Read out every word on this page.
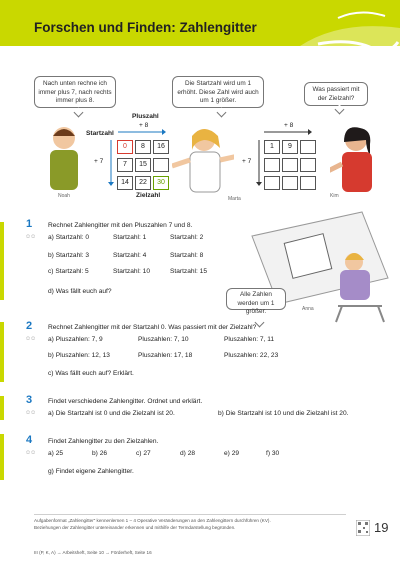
Forschen und Finden: Zahlengitter
Nach unten rechne ich immer plus 7, nach rechts immer plus 8.
Die Startzahl wird um 1 erhöht. Diese Zahl wird auch um 1 größer.
Was passiert mit der Zielzahl?
Noah	Marta	Kim
Pluszahl
+ 8
Startzahl
+ 7
0	8	16
7	15
14	22	30
Zielzahl
+ 8
+ 7
1	9
1
☺☺
Rechnet Zahlengitter mit den Pluszahlen 7 und 8.
a) Startzahl: 0	Startzahl: 1	Startzahl: 2
b) Startzahl: 3	Startzahl: 4	Startzahl: 8
c) Startzahl: 5	Startzahl: 10	Startzahl: 15
d) Was fällt euch auf?	Alle Zahlen werden um 1 größer.	Anna
2
☺☺
Rechnet Zahlengitter mit der Startzahl 0. Was passiert mit der Zielzahl?
a) Pluszahlen: 7, 9	Pluszahlen: 7, 10	Pluszahlen: 7, 11
b) Pluszahlen: 12, 13	Pluszahlen: 17, 18	Pluszahlen: 22, 23
c) Was fällt euch auf? Erklärt.
3
☺☺
Findet verschiedene Zahlengitter. Ordnet und erklärt.
a) Die Startzahl ist 0 und die Zielzahl ist 20.	b) Die Startzahl ist 10 und die Zielzahl ist 20.
4
☺☺
Findet Zahlengitter zu den Zielzahlen.
a) 25	b) 26	c) 27	d) 28	e) 29	f) 30
g) Findet eigene Zahlengitter.
Aufgabenformat „Zahlengitter“ kennenlernen 1 – 4 Operative Veränderungen an den Zahlengittern durchführen (KV).
Beziehungen der Zahlengitter untereinander erkennen und mithilfe der Termdarstellung begründen.
III (P, K, A) → Arbeitsheft, Seite 10 → Förderheft, Seite 16
19
